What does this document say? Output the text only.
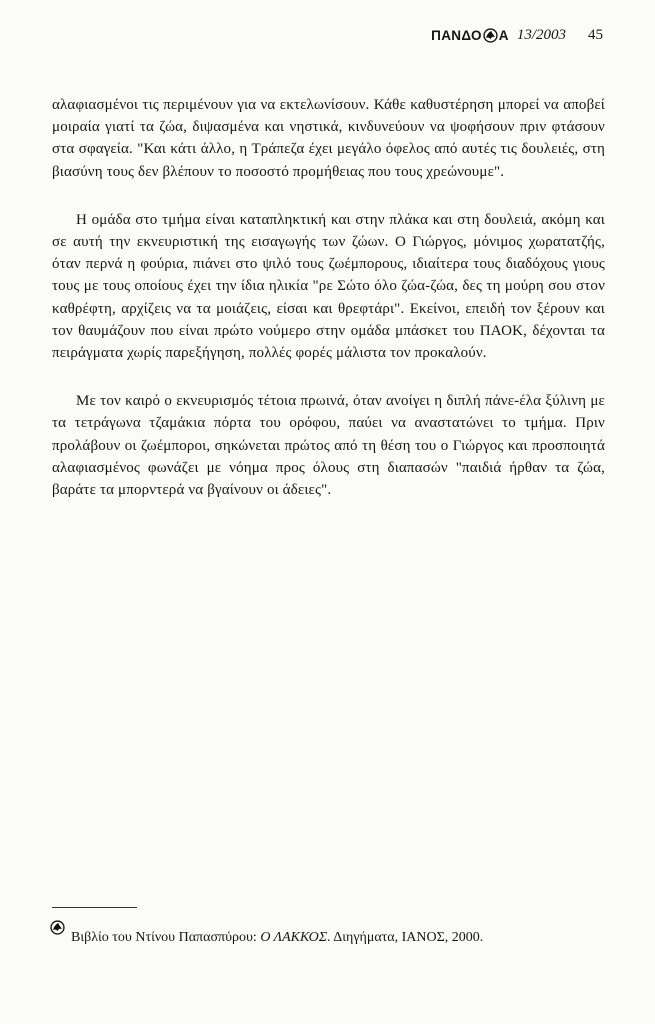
ΠΑΝΔΟ Α 13/2003 45

αλαφιασμένοι τις περιμένουν για να εκτελωνίσουν. Κάθε καθυστέρηση μπορεί να αποβεί μοιραία γιατί τα ζώα, διψασμένα και νηστικά, κινδυνεύουν να ψοφήσουν πριν φτάσουν στα σφαγεία. "Και κάτι άλλο, η Τράπεζα έχει μεγάλο όφελος από αυτές τις δουλειές, στη βιασύνη τους δεν βλέπουν το ποσοστό προμήθειας που τους χρεώνουμε".

Η ομάδα στο τμήμα είναι καταπληκτική και στην πλάκα και στη δουλειά, ακόμη και σε αυτή την εκνευριστική της εισαγωγής των ζώων. Ο Γιώργος, μόνιμος χωρατατζής, όταν περνά η φούρια, πιάνει στο ψιλό τους ζωέμπορους, ιδιαίτερα τους διαδόχους γιους τους με τους οποίους έχει την ίδια ηλικία "ρε Σώτο όλο ζώα-ζώα, δες τη μούρη σου στον καθρέφτη, αρχίζεις να τα μοιάζεις, είσαι και θρεφτάρι". Εκείνοι, επειδή τον ξέρουν και τον θαυμάζουν που είναι πρώτο νούμερο στην ομάδα μπάσκετ του ΠΑΟΚ, δέχονται τα πειράγματα χωρίς παρεξήγηση, πολλές φορές μάλιστα τον προκαλούν.

Με τον καιρό ο εκνευρισμός τέτοια πρωινά, όταν ανοίγει η διπλή πάνε-έλα ξύλινη με τα τετράγωνα τζαμάκια πόρτα του ορόφου, παύει να αναστατώνει το τμήμα. Πριν προλάβουν οι ζωέμποροι, σηκώνεται πρώτος από τη θέση του ο Γιώργος και προσποιητά αλαφιασμένος φωνάζει με νόημα προς όλους στη διαπασών "παιδιά ήρθαν τα ζώα, βαράτε τα μπορντερά να βγαίνουν οι άδειες".

Βιβλίο του Ντίνου Παπασπύρου: Ο ΛΑΚΚΟΣ. Διηγήματα, ΙΑΝΟΣ, 2000.
